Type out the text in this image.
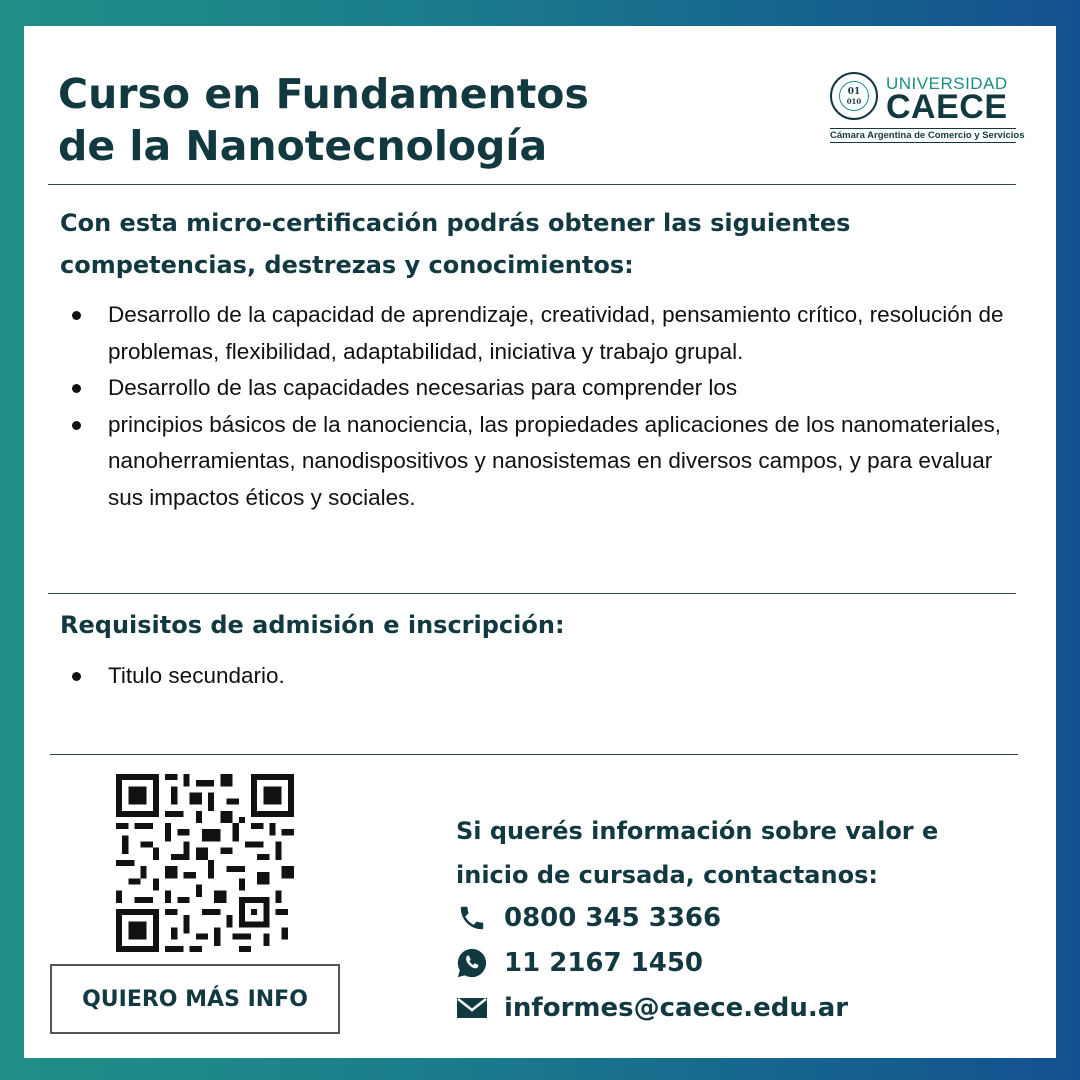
Curso en Fundamentos
de la Nanotecnología
01
010
UNIVERSIDAD
CAECE
Cámara Argentina de Comercio y Servicios
Con esta micro-certificación podrás obtener las siguientes
competencias, destrezas y conocimientos:
Desarrollo de la capacidad de aprendizaje, creatividad, pensamiento crítico, resolución de problemas, flexibilidad, adaptabilidad, iniciativa y trabajo grupal.
Desarrollo de las capacidades necesarias para comprender los
principios básicos de la nanociencia, las propiedades aplicaciones de los nanomateriales, nanoherramientas, nanodispositivos y nanosistemas en diversos campos, y para evaluar sus impactos éticos y sociales.
Requisitos de admisión e inscripción:
Titulo secundario.
QUIERO MÁS INFO

Si querés información sobre valor e
inicio de cursada, contactanos:

0800 345 3366
11 2167 1450
informes@caece.edu.ar
